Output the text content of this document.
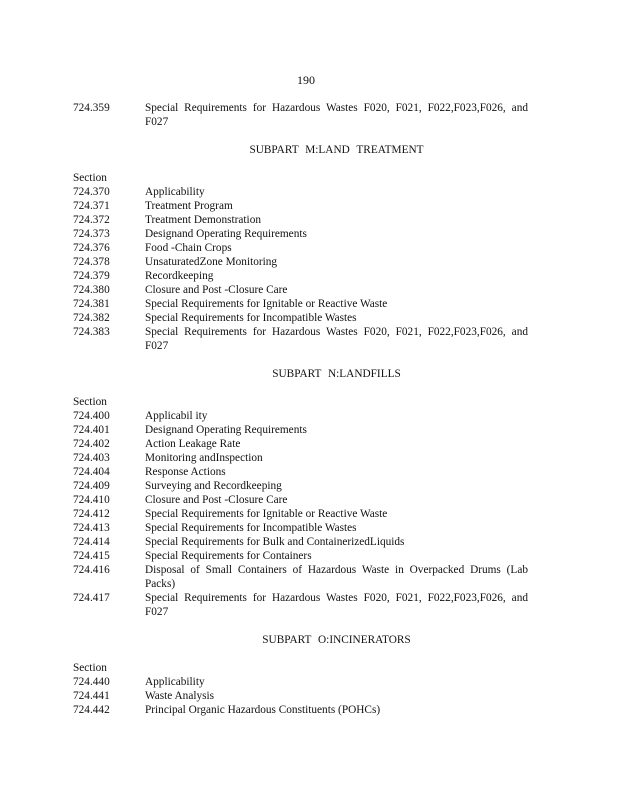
190
724.359	Special Requirements for Hazardous Wastes F020, F021, F022,F023,F026, and F027
SUBPART M:LAND TREATMENT
Section
724.370	Applicability
724.371	Treatment Program
724.372	Treatment Demonstration
724.373	Designand Operating Requirements
724.376	Food -Chain Crops
724.378	UnsaturatedZone Monitoring
724.379	Recordkeeping
724.380	Closure and Post -Closure Care
724.381	Special Requirements for Ignitable or Reactive Waste
724.382	Special Requirements for Incompatible Wastes
724.383	Special Requirements for Hazardous Wastes F020, F021, F022,F023,F026, and F027
SUBPART N:LANDFILLS
Section
724.400	Applicabil ity
724.401	Designand Operating Requirements
724.402	Action Leakage Rate
724.403	Monitoring andInspection
724.404	Response Actions
724.409	Surveying and Recordkeeping
724.410	Closure and Post -Closure Care
724.412	Special Requirements for Ignitable or Reactive Waste
724.413	Special Requirements for Incompatible Wastes
724.414	Special Requirements for Bulk and ContainerizedLiquids
724.415	Special Requirements for Containers
724.416	Disposal of Small Containers of Hazardous Waste in Overpacked Drums (Lab Packs)
724.417	Special Requirements for Hazardous Wastes F020, F021, F022,F023,F026, and F027
SUBPART O:INCINERATORS
Section
724.440	Applicability
724.441	Waste Analysis
724.442	Principal Organic Hazardous Constituents (POHCs)
